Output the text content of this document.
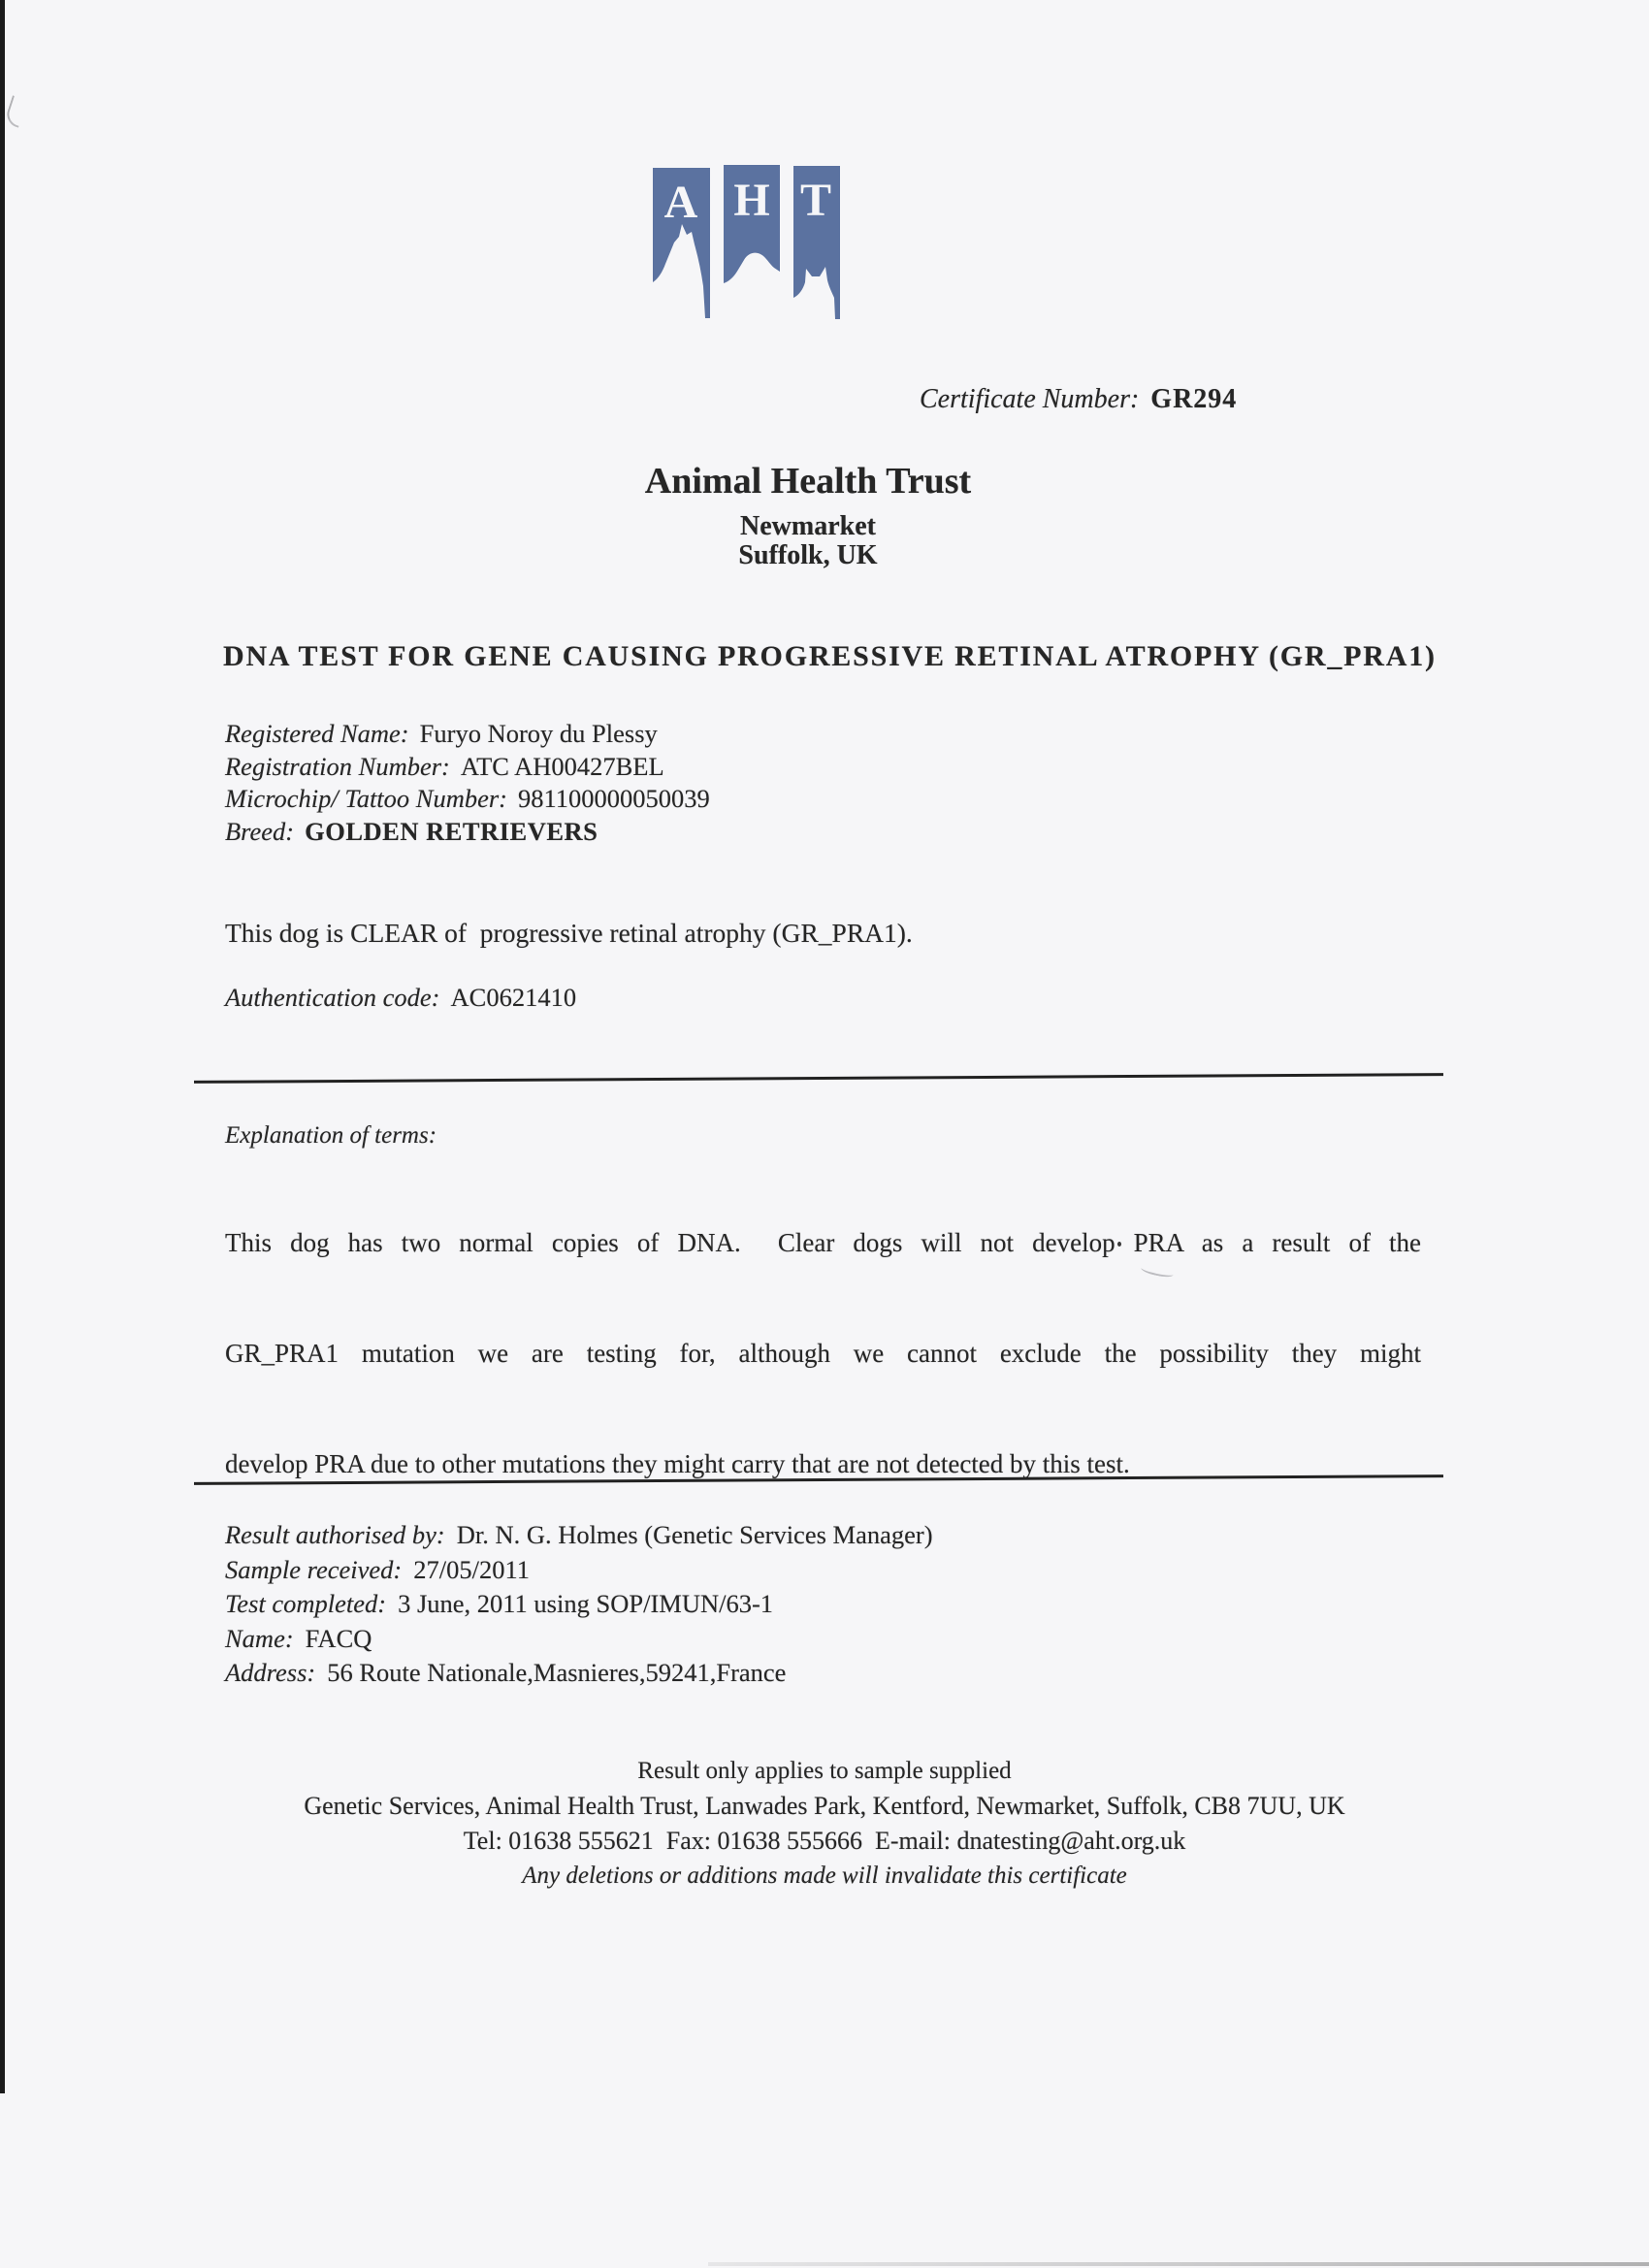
A H T
Certificate Number: GR294
Animal Health Trust
Newmarket
Suffolk, UK
DNA TEST FOR GENE CAUSING PROGRESSIVE RETINAL ATROPHY (GR_PRA1)
Registered Name: Furyo Noroy du Plessy
Registration Number: ATC AH00427BEL
Microchip/ Tattoo Number: 981100000050039
Breed: GOLDEN RETRIEVERS
This dog is CLEAR of  progressive retinal atrophy (GR_PRA1).
Authentication code: AC0621410
Explanation of terms:

This dog has two normal copies of DNA.  Clear dogs will not develop PRA as a result of the

GR_PRA1 mutation we are testing for, although we cannot exclude the possibility they might

develop PRA due to other mutations they might carry that are not detected by this test.

Result authorised by: Dr. N. G. Holmes (Genetic Services Manager)
Sample received: 27/05/2011
Test completed: 3 June, 2011 using SOP/IMUN/63-1
Name: FACQ
Address: 56 Route Nationale,Masnieres,59241,France
Result only applies to sample supplied
Genetic Services, Animal Health Trust, Lanwades Park, Kentford, Newmarket, Suffolk, CB8 7UU, UK
Tel: 01638 555621  Fax: 01638 555666  E-mail: dnatesting@aht.org.uk
Any deletions or additions made will invalidate this certificate
